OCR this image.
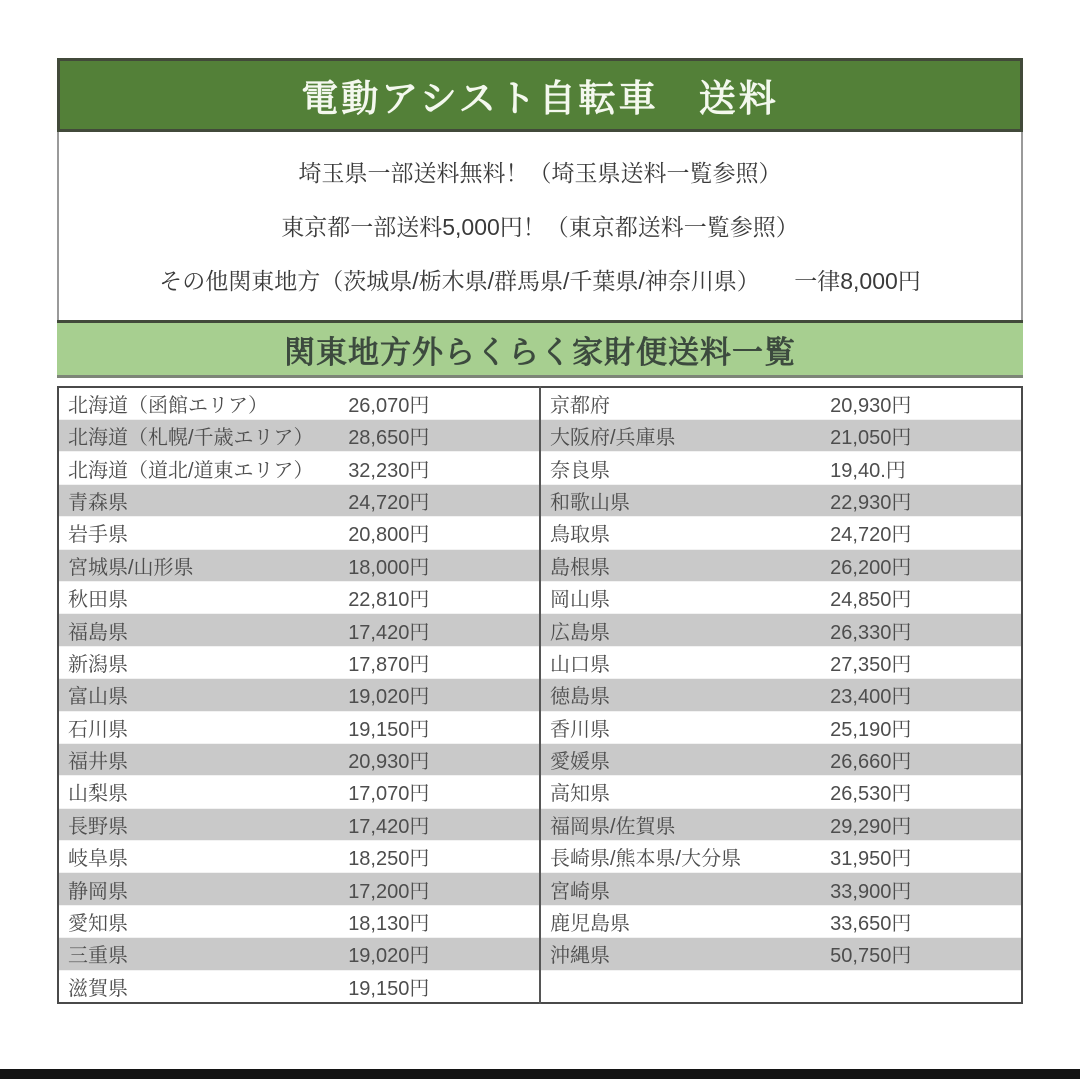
電動アシスト自転車　送料
埼玉県一部送料無料！（埼玉県送料一覧参照）
東京都一部送料5,000円！（東京都送料一覧参照）
その他関東地方（茨城県/栃木県/群馬県/千葉県/神奈川県）　　一律8,000円
関東地方外らくらく家財便送料一覧
北海道（函館エリア）	26,070円	京都府	20,930円
北海道（札幌/千歳エリア）	28,650円	大阪府/兵庫県	21,050円
北海道（道北/道東エリア）	32,230円	奈良県	19,40.円
青森県	24,720円	和歌山県	22,930円
岩手県	20,800円	鳥取県	24,720円
宮城県/山形県	18,000円	島根県	26,200円
秋田県	22,810円	岡山県	24,850円
福島県	17,420円	広島県	26,330円
新潟県	17,870円	山口県	27,350円
富山県	19,020円	徳島県	23,400円
石川県	19,150円	香川県	25,190円
福井県	20,930円	愛媛県	26,660円
山梨県	17,070円	高知県	26,530円
長野県	17,420円	福岡県/佐賀県	29,290円
岐阜県	18,250円	長崎県/熊本県/大分県	31,950円
静岡県	17,200円	宮崎県	33,900円
愛知県	18,130円	鹿児島県	33,650円
三重県	19,020円	沖縄県	50,750円
滋賀県	19,150円		
